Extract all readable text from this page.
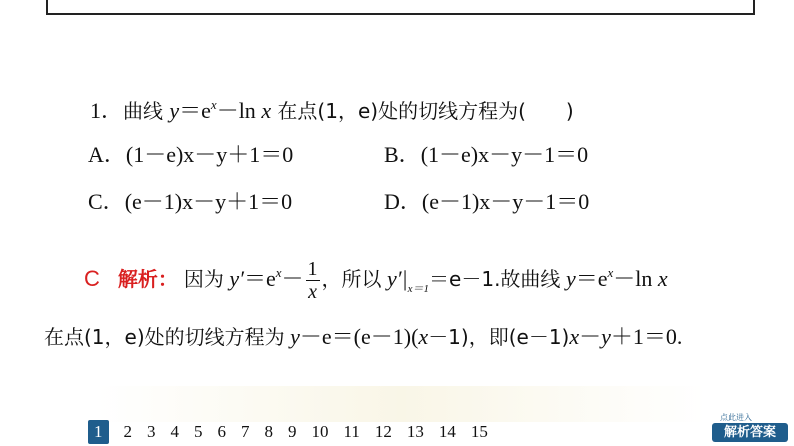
1．曲线 $y=e^x-\ln$ x 在点(1，e)处的切线方程为(　　)
A．(1－e)x－y＋1＝0	B．(1－e)x－y－1＝0
C．(e－1)x－y＋1＝0	D．(e－1)x－y－1＝0
C 解析： 因为 $y'=e^x- \frac{1}{x}$ ，所以 $y'|_{x=1}=e-1$.故曲线 $y=e^x-\ln$ x
在点(1，e)处的切线方程为 y－e＝(e－1)(x－1)，即(e－1)x－y＋1＝0.
1	2 3 4 5 6 7 8 9 10 11 12 13 14 15
点此进入
解析答案
